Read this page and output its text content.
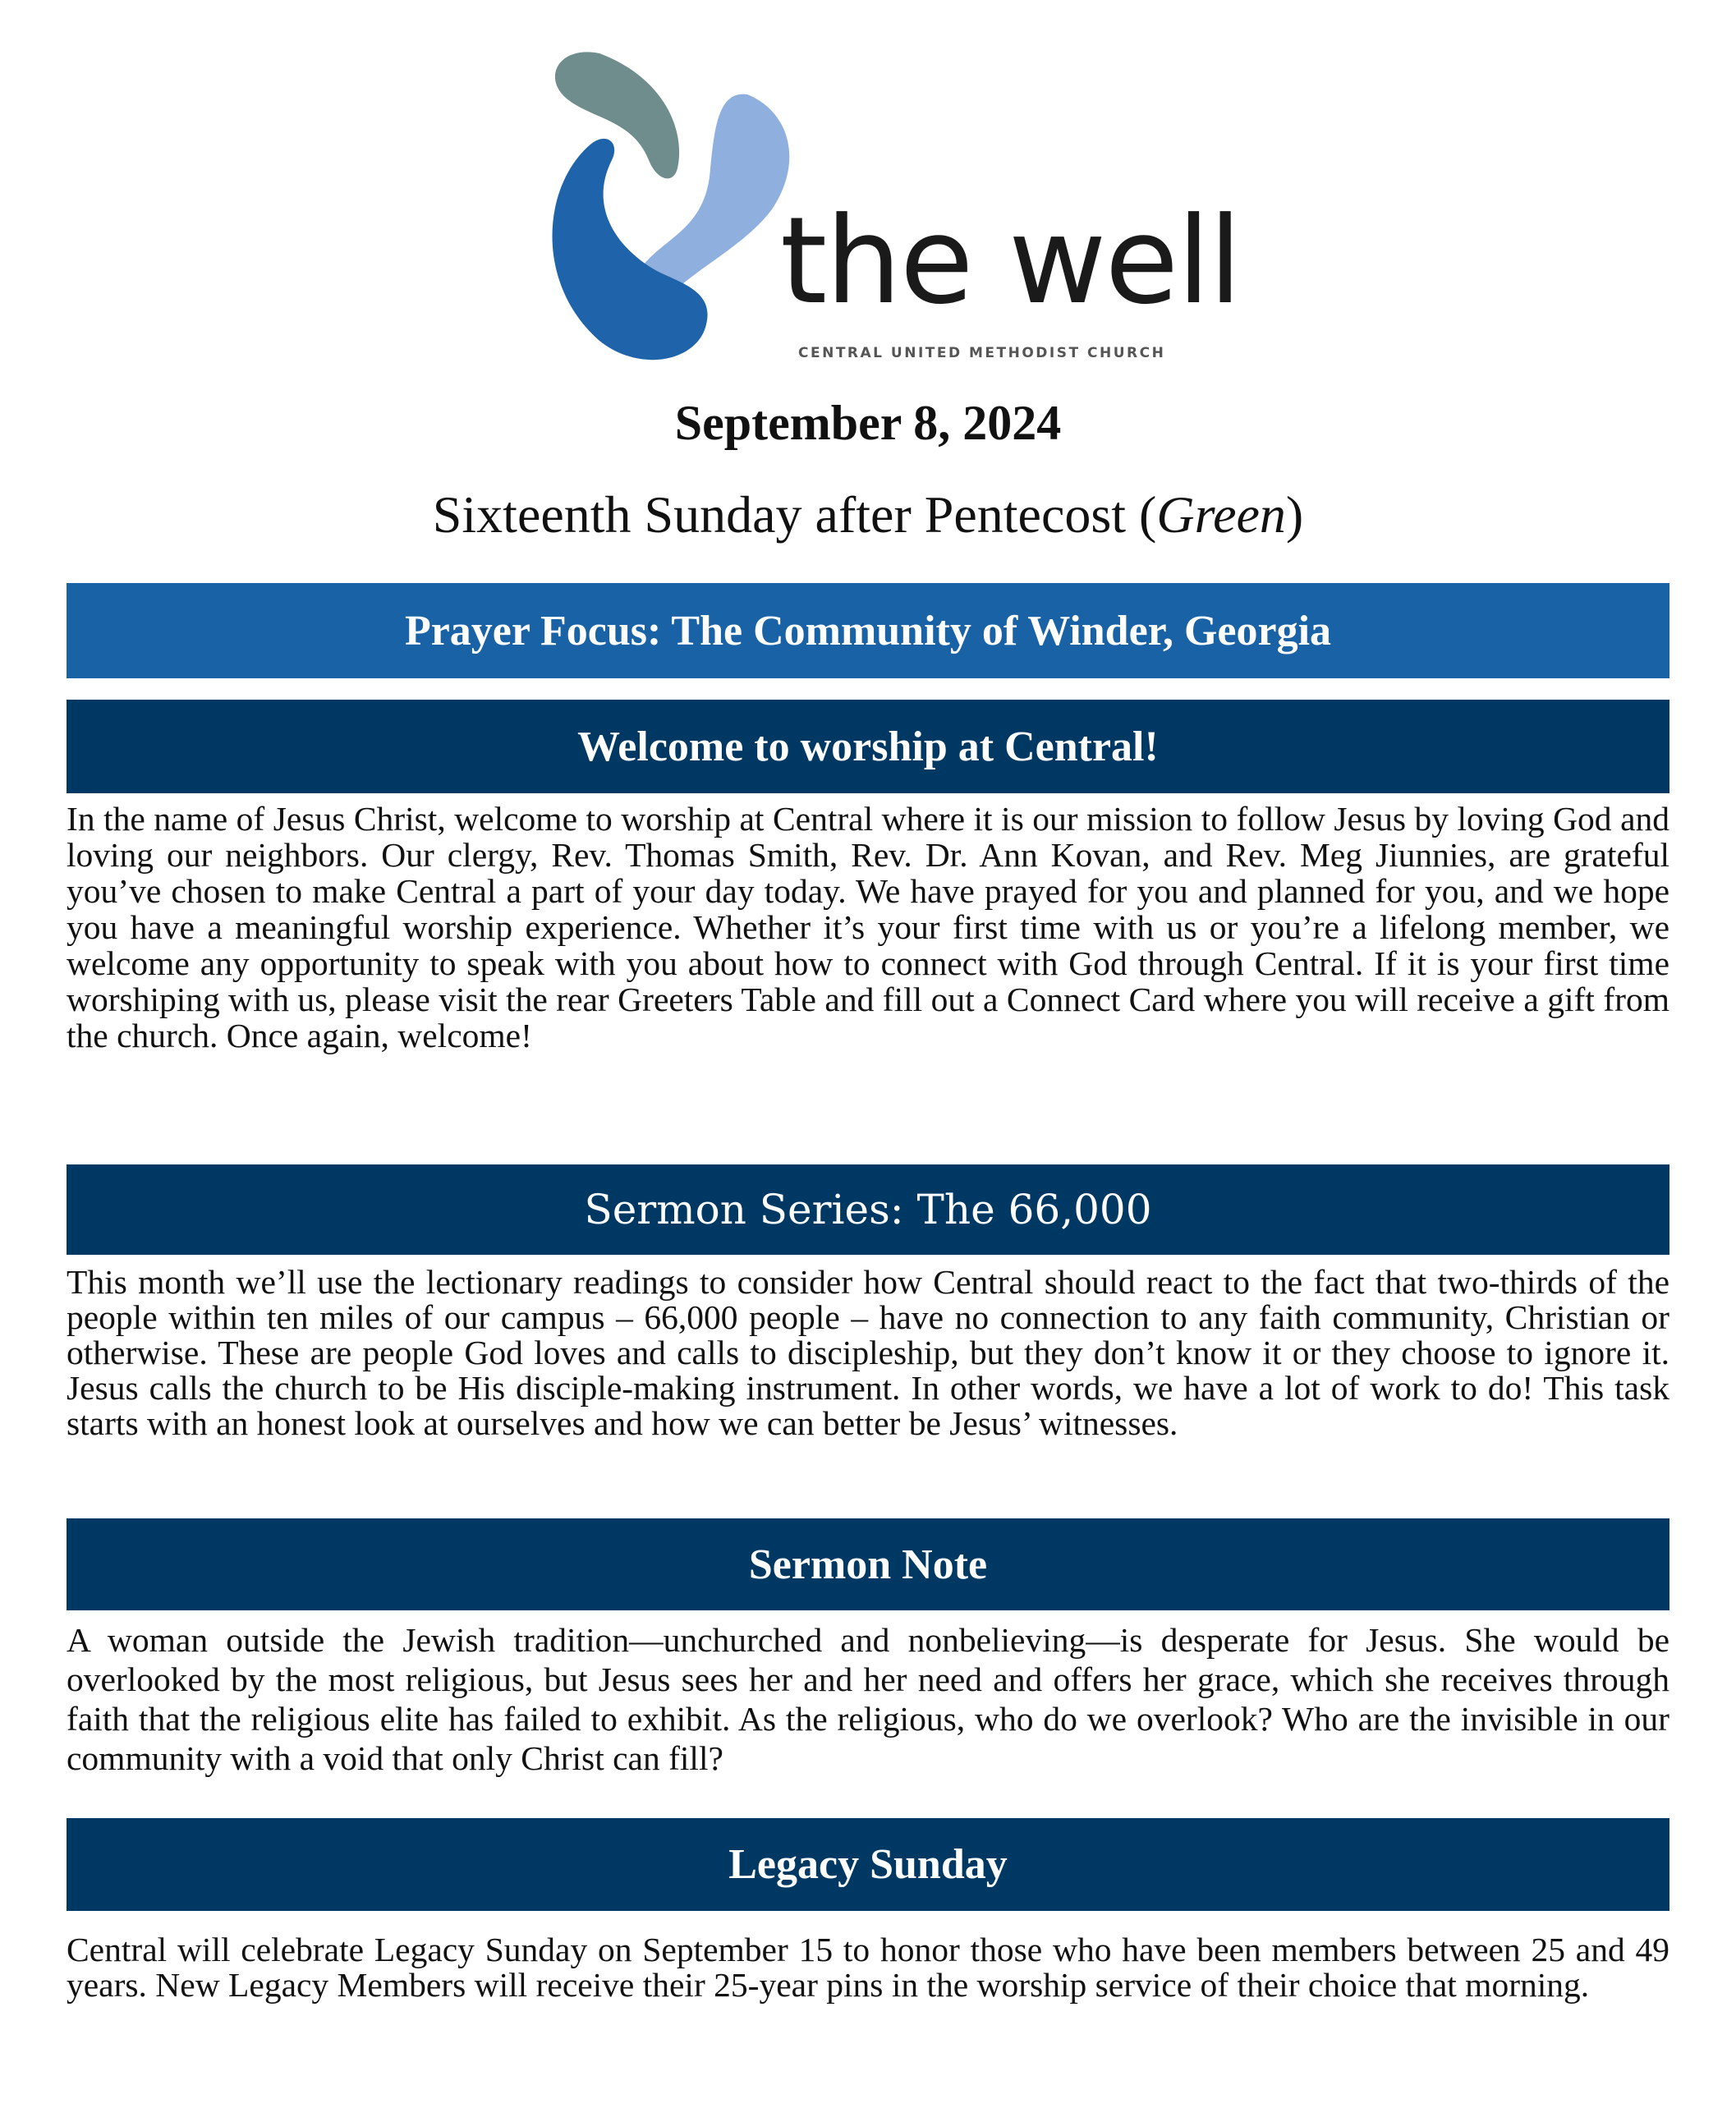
the well
CENTRAL UNITED METHODIST CHURCH
September 8, 2024
Sixteenth Sunday after Pentecost (Green)
Prayer Focus: The Community of Winder, Georgia
Welcome to worship at Central!

In the name of Jesus Christ, welcome to worship at Central where it is our mission to follow Jesus by loving God and loving our neighbors. Our clergy, Rev. Thomas Smith, Rev. Dr. Ann Kovan, and Rev. Meg Jiunnies, are grateful you’ve chosen to make Central a part of your day today. We have prayed for you and planned for you, and we hope you have a meaningful worship experience. Whether it’s your first time with us or you’re a lifelong member, we welcome any opportunity to speak with you about how to connect with God through Central. If it is your first time worshiping with us, please visit the rear Greeters Table and fill out a Connect Card where you will receive a gift from the church. Once again, welcome!

Sermon Series: The 66,000

This month we’ll use the lectionary readings to consider how Central should react to the fact that two-thirds of the people within ten miles of our campus – 66,000 people – have no connection to any faith community, Christian or otherwise. These are people God loves and calls to discipleship, but they don’t know it or they choose to ignore it. Jesus calls the church to be His disciple-making instrument. In other words, we have a lot of work to do! This task starts with an honest look at ourselves and how we can better be Jesus’ witnesses.

Sermon Note

A woman outside the Jewish tradition—unchurched and nonbelieving—is desperate for Jesus. She would be overlooked by the most religious, but Jesus sees her and her need and offers her grace, which she receives through faith that the religious elite has failed to exhibit. As the religious, who do we overlook? Who are the invisible in our community with a void that only Christ can fill?

Legacy Sunday

Central will celebrate Legacy Sunday on September 15 to honor those who have been members between 25 and 49 years. New Legacy Members will receive their 25-year pins in the worship service of their choice that morning.
